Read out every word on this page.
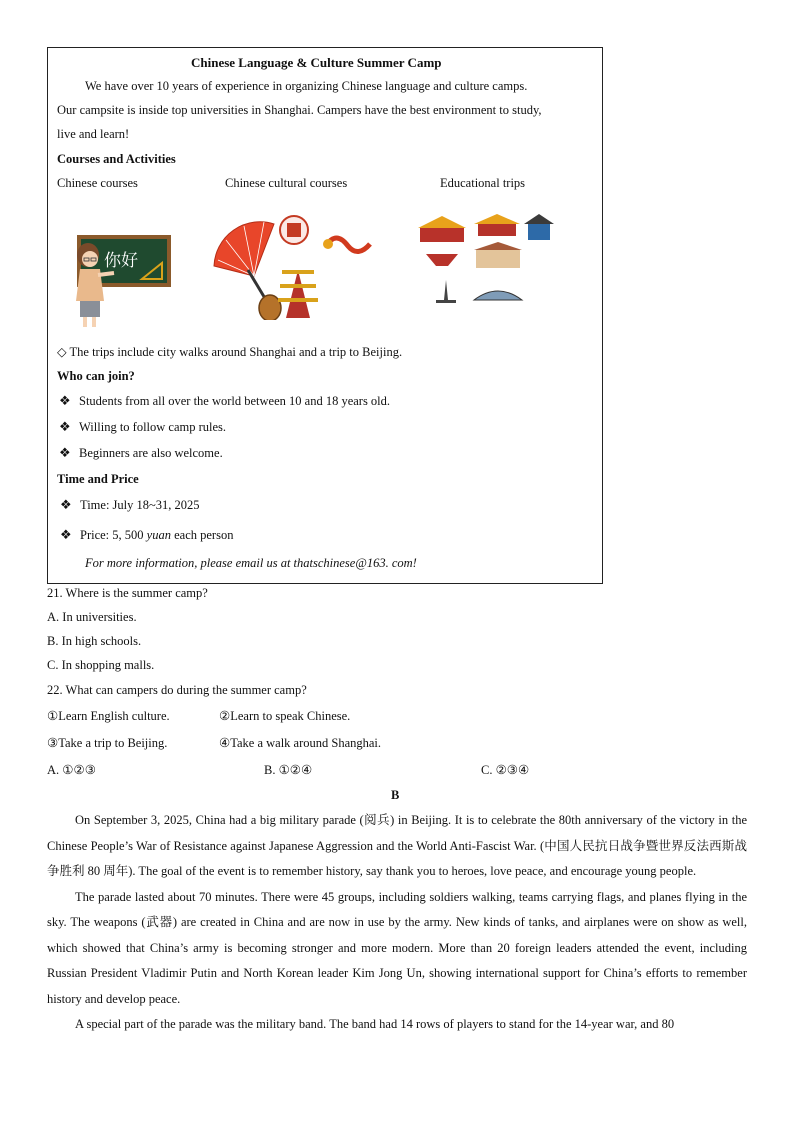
Chinese Language & Culture Summer Camp
We have over 10 years of experience in organizing Chinese language and culture camps.
Our campsite is inside top universities in Shanghai. Campers have the best environment to study,
live and learn!
Courses and Activities
Chinese courses	Chinese cultural courses	Educational trips
你好
◇ The trips include city walks around Shanghai and a trip to Beijing.
Who can join?
❖ Students from all over the world between 10 and 18 years old.
❖ Willing to follow camp rules.
❖ Beginners are also welcome.
Time and Price
❖ Time: July 18~31, 2025
❖ Price: 5, 500 yuan each person
For more information, please email us at thatschinese@163. com!
21. Where is the summer camp?
A. In universities.
B. In high schools.
C. In shopping malls.
22. What can campers do during the summer camp?
①Learn English culture.	②Learn to speak Chinese.
③Take a trip to Beijing.	④Take a walk around Shanghai.
A. ①②③	B. ①②④	C. ②③④
B

On September 3, 2025, China had a big military parade (阅兵) in Beijing. It is to celebrate the 80th anniversary of the victory in the Chinese People’s War of Resistance against Japanese Aggression and the World Anti-Fascist War. (中国人民抗日战争暨世界反法西斯战争胜利 80 周年). The goal of the event is to remember history, say thank you to heroes, love peace, and encourage young people.

The parade lasted about 70 minutes. There were 45 groups, including soldiers walking, teams carrying flags, and planes flying in the sky. The weapons (武器) are created in China and are now in use by the army. New kinds of tanks, and airplanes were on show as well, which showed that China’s army is becoming stronger and more modern. More than 20 foreign leaders attended the event, including Russian President Vladimir Putin and North Korean leader Kim Jong Un, showing international support for China’s efforts to remember history and develop peace.

A special part of the parade was the military band. The band had 14 rows of players to stand for the 14-year war, and 80
